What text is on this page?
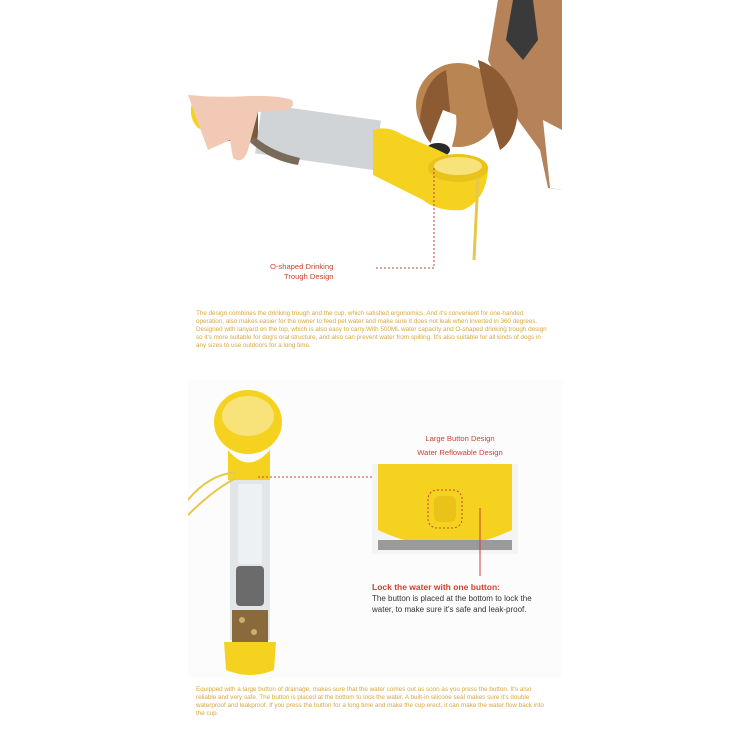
O-shaped Drinking
Trough Design

The design combines the drinking trough and the cup, which satisfied ergonomics. And it's convenient for one-handed operation, also makes easier for the owner to feed pet water and make sure it does not leak when inverted in 360 degrees. Designed with lanyard on the top, which is also easy to carry.With 500ML water capacity and O-shaped drinking trough design so it's more suitable for dog's oral structure, and also can prevent water from spilling. It's also suitable for all kinds of dogs in any sizes to use outdoors for a long time.

Large Button Design
Water Reflowable Design
Lock the water with one button:
The button is placed at the bottom to lock the water, to make sure it's safe and leak-proof.

Equipped with a large button of drainage, makes sure that the water comes out as soon as you press the button. It's also reliable and very safe. The button is placed at the bottom to lock the water. A built-in silicone seal makes sure it's double waterproof and leakproof. If you press the button for a long time and make the cup erect, it can make the water flow back into the cup.
